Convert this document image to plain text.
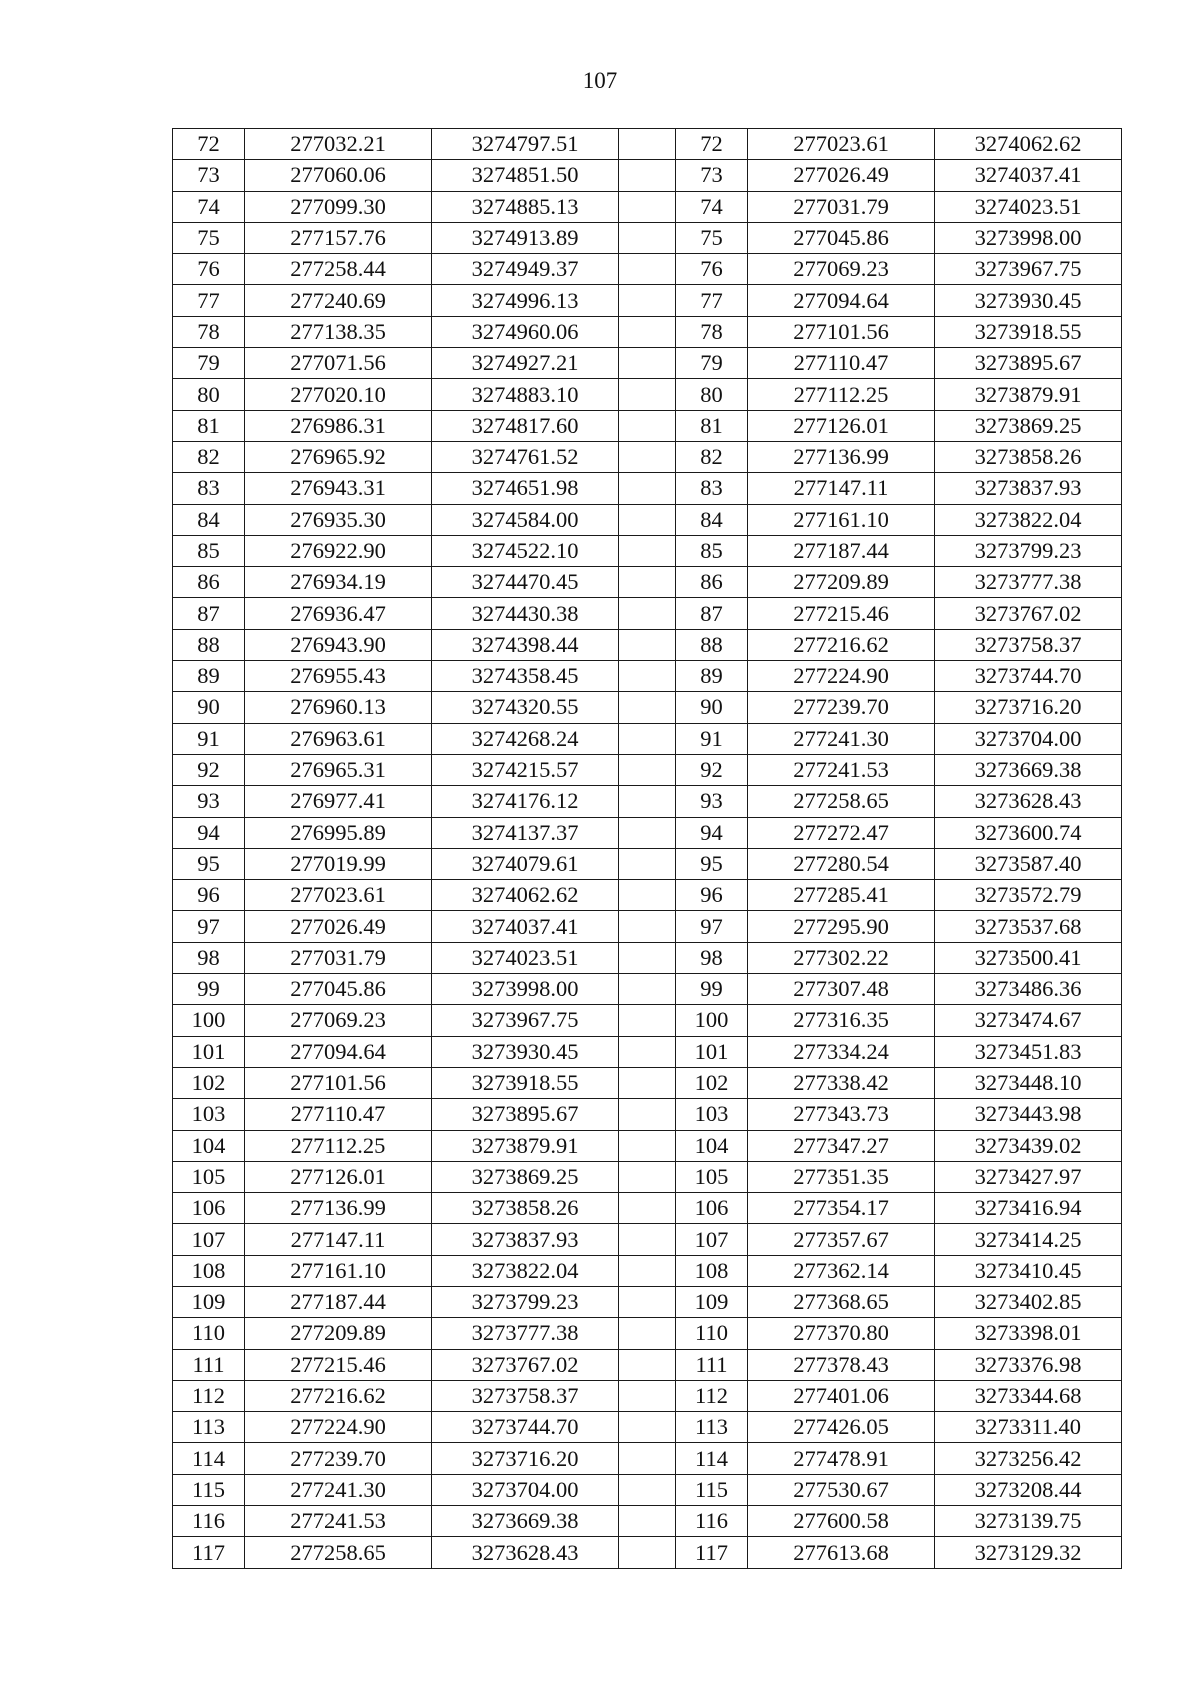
107
72	277032.21	3274797.51		72	277023.61	3274062.62
73	277060.06	3274851.50		73	277026.49	3274037.41
74	277099.30	3274885.13		74	277031.79	3274023.51
75	277157.76	3274913.89		75	277045.86	3273998.00
76	277258.44	3274949.37		76	277069.23	3273967.75
77	277240.69	3274996.13		77	277094.64	3273930.45
78	277138.35	3274960.06		78	277101.56	3273918.55
79	277071.56	3274927.21		79	277110.47	3273895.67
80	277020.10	3274883.10		80	277112.25	3273879.91
81	276986.31	3274817.60		81	277126.01	3273869.25
82	276965.92	3274761.52		82	277136.99	3273858.26
83	276943.31	3274651.98		83	277147.11	3273837.93
84	276935.30	3274584.00		84	277161.10	3273822.04
85	276922.90	3274522.10		85	277187.44	3273799.23
86	276934.19	3274470.45		86	277209.89	3273777.38
87	276936.47	3274430.38		87	277215.46	3273767.02
88	276943.90	3274398.44		88	277216.62	3273758.37
89	276955.43	3274358.45		89	277224.90	3273744.70
90	276960.13	3274320.55		90	277239.70	3273716.20
91	276963.61	3274268.24		91	277241.30	3273704.00
92	276965.31	3274215.57		92	277241.53	3273669.38
93	276977.41	3274176.12		93	277258.65	3273628.43
94	276995.89	3274137.37		94	277272.47	3273600.74
95	277019.99	3274079.61		95	277280.54	3273587.40
96	277023.61	3274062.62		96	277285.41	3273572.79
97	277026.49	3274037.41		97	277295.90	3273537.68
98	277031.79	3274023.51		98	277302.22	3273500.41
99	277045.86	3273998.00		99	277307.48	3273486.36
100	277069.23	3273967.75		100	277316.35	3273474.67
101	277094.64	3273930.45		101	277334.24	3273451.83
102	277101.56	3273918.55		102	277338.42	3273448.10
103	277110.47	3273895.67		103	277343.73	3273443.98
104	277112.25	3273879.91		104	277347.27	3273439.02
105	277126.01	3273869.25		105	277351.35	3273427.97
106	277136.99	3273858.26		106	277354.17	3273416.94
107	277147.11	3273837.93		107	277357.67	3273414.25
108	277161.10	3273822.04		108	277362.14	3273410.45
109	277187.44	3273799.23		109	277368.65	3273402.85
110	277209.89	3273777.38		110	277370.80	3273398.01
111	277215.46	3273767.02		111	277378.43	3273376.98
112	277216.62	3273758.37		112	277401.06	3273344.68
113	277224.90	3273744.70		113	277426.05	3273311.40
114	277239.70	3273716.20		114	277478.91	3273256.42
115	277241.30	3273704.00		115	277530.67	3273208.44
116	277241.53	3273669.38		116	277600.58	3273139.75
117	277258.65	3273628.43		117	277613.68	3273129.32
